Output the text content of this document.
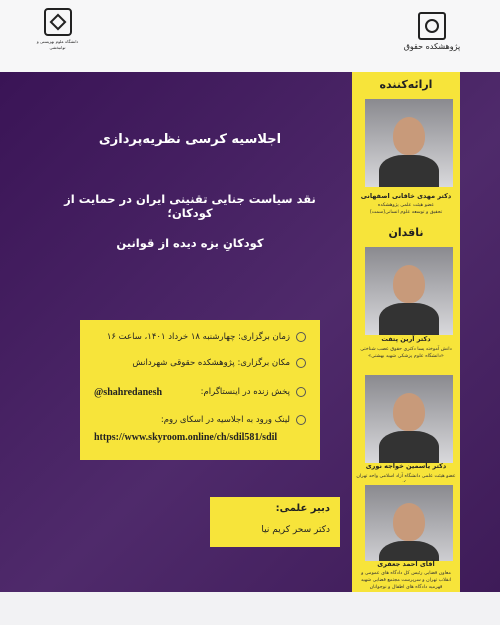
دانشگاه علوم بهزیستی و توانبخشی	پژوهشکده حقوق
اجلاسیه کرسی نظریه‌پردازی
نقد سیاست جنایی تقنینی ایران در حمایت از کودکان؛
کودکانِ بزه دیده از قوانین
زمان برگزاری: چهارشنبه ۱۸ خرداد ۱۴۰۱، ساعت ۱۶
مکان برگزاری: پژوهشکده حقوقی شهردانش
پخش زنده در اینستاگرام:
لینک ورود به اجلاسیه در اسکای روم:
@shahredanesh
https://www.skyroom.online/ch/sdil581/sdil
دبیر علمی:
دکتر سحر کریم نیا
ارائه‌کننده
دکتر مهدی خاقانی اصفهانی
عضو هیئت علمی پژوهشکده
تحقیق و توسعه علوم انسانی(سمت)
ناقدان
دکتر آرین پتفت
دانش آموخته پسا دکتری حقوق عصب شناختی «دانشگاه علوم پزشکی شهید بهشتی»
دکتر یاسمین خواجه نوری
عضو هیئت علمی دانشگاه آزاد اسلامی واحد تهران
آقای احمد جعفری
معاون قضایی رئیس کل دادگاه های عمومی و انقلاب تهران و سرپرست مجتمع قضایی شهید قهرمیه دادگاه های اطفال و نوجوانان
